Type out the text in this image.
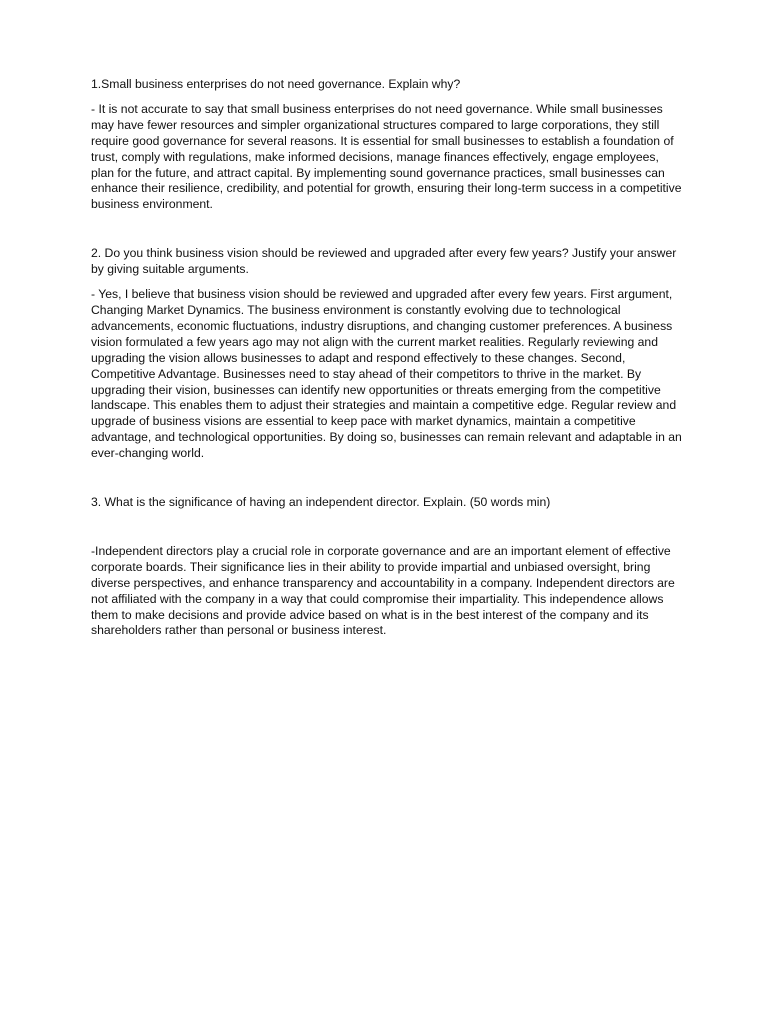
1.Small business enterprises do not need governance. Explain why?

- It is not accurate to say that small business enterprises do not need governance. While small businesses may have fewer resources and simpler organizational structures compared to large corporations, they still require good governance for several reasons. It is essential for small businesses to establish a foundation of trust, comply with regulations, make informed decisions, manage finances effectively, engage employees, plan for the future, and attract capital. By implementing sound governance practices, small businesses can enhance their resilience, credibility, and potential for growth, ensuring their long-term success in a competitive business environment.

2. Do you think business vision should be reviewed and upgraded after every few years? Justify your answer by giving suitable arguments.

- Yes, I believe that business vision should be reviewed and upgraded after every few years. First argument, Changing Market Dynamics. The business environment is constantly evolving due to technological advancements, economic fluctuations, industry disruptions, and changing customer preferences. A business vision formulated a few years ago may not align with the current market realities. Regularly reviewing and upgrading the vision allows businesses to adapt and respond effectively to these changes. Second, Competitive Advantage. Businesses need to stay ahead of their competitors to thrive in the market. By upgrading their vision, businesses can identify new opportunities or threats emerging from the competitive landscape. This enables them to adjust their strategies and maintain a competitive edge. Regular review and upgrade of business visions are essential to keep pace with market dynamics, maintain a competitive advantage, and technological opportunities. By doing so, businesses can remain relevant and adaptable in an ever-changing world.

3. What is the significance of having an independent director. Explain. (50 words min)

-Independent directors play a crucial role in corporate governance and are an important element of effective corporate boards. Their significance lies in their ability to provide impartial and unbiased oversight, bring diverse perspectives, and enhance transparency and accountability in a company. Independent directors are not affiliated with the company in a way that could compromise their impartiality. This independence allows them to make decisions and provide advice based on what is in the best interest of the company and its shareholders rather than personal or business interest.
